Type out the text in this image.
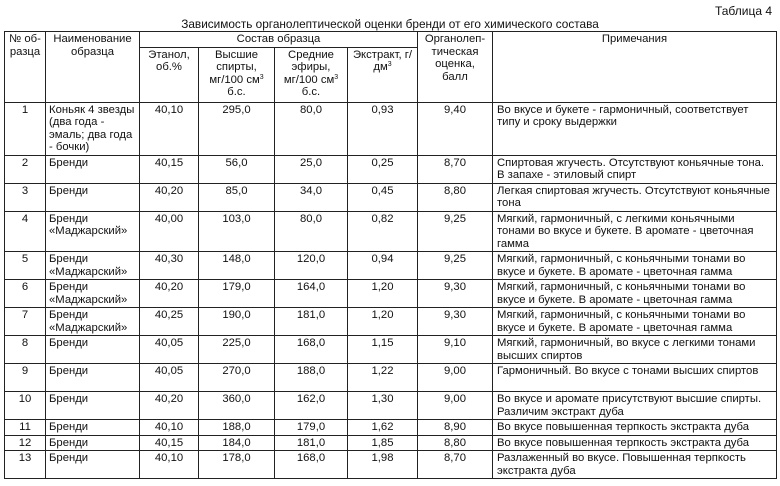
Таблица 4
Зависимость органолептической оценки бренди от его химического состава
№ об-разца	Наименование образца	Состав образца				Органолеп-тическая оценка, балл	Примечания
		Этанол, об.%	Высшие спирты, мг/100 $см^3$ б.с.	Средние эфиры, мг/100 $см^3$ б.с.	Экстракт, $г/дм^3$
1	Коньяк 4 звезды (два года - эмаль; два года - бочки)	40,10	295,0	80,0	0,93	9,40	Во вкусе и букете - гармоничный, соответствует типу и сроку выдержки
2	Бренди	40,15	56,0	25,0	0,25	8,70	Спиртовая жгучесть. Отсутствуют коньячные тона. В запахе - этиловый спирт
3	Бренди	40,20	85,0	34,0	0,45	8,80	Легкая спиртовая жгучесть. Отсутствуют коньячные тона
4	Бренди «Маджарский»	40,00	103,0	80,0	0,82	9,25	Мягкий, гармоничный, с легкими коньячными тонами во вкусе и букете. В аромате - цветочная гамма
5	Бренди «Маджарский»	40,30	148,0	120,0	0,94	9,25	Мягкий, гармоничный, с коньячными тонами во вкусе и букете. В аромате - цветочная гамма
6	Бренди «Маджарский»	40,20	179,0	164,0	1,20	9,30	Мягкий, гармоничный, с коньячными тонами во вкусе и букете. В аромате - цветочная гамма
7	Бренди «Маджарский»	40,25	190,0	181,0	1,20	9,30	Мягкий, гармоничный, с коньячными тонами во вкусе и букете. В аромате - цветочная гамма
8	Бренди	40,05	225,0	168,0	1,15	9,10	Мягкий, гармоничный, во вкусе с легкими тонами высших спиртов
9	Бренди	40,05	270,0	188,0	1,22	9,00	Гармоничный. Во вкусе с тонами высших спиртов
10	Бренди	40,20	360,0	162,0	1,30	9,00	Во вкусе и аромате присутствуют высшие спирты. Различим экстракт дуба
11	Бренди	40,10	188,0	179,0	1,62	8,90	Во вкусе повышенная терпкость экстракта дуба
12	Бренди	40,15	184,0	181,0	1,85	8,80	Во вкусе повышенная терпкость экстракта дуба
13	Бренди	40,10	178,0	168,0	1,98	8,70	Разлаженный во вкусе. Повышенная терпкость экстракта дуба
